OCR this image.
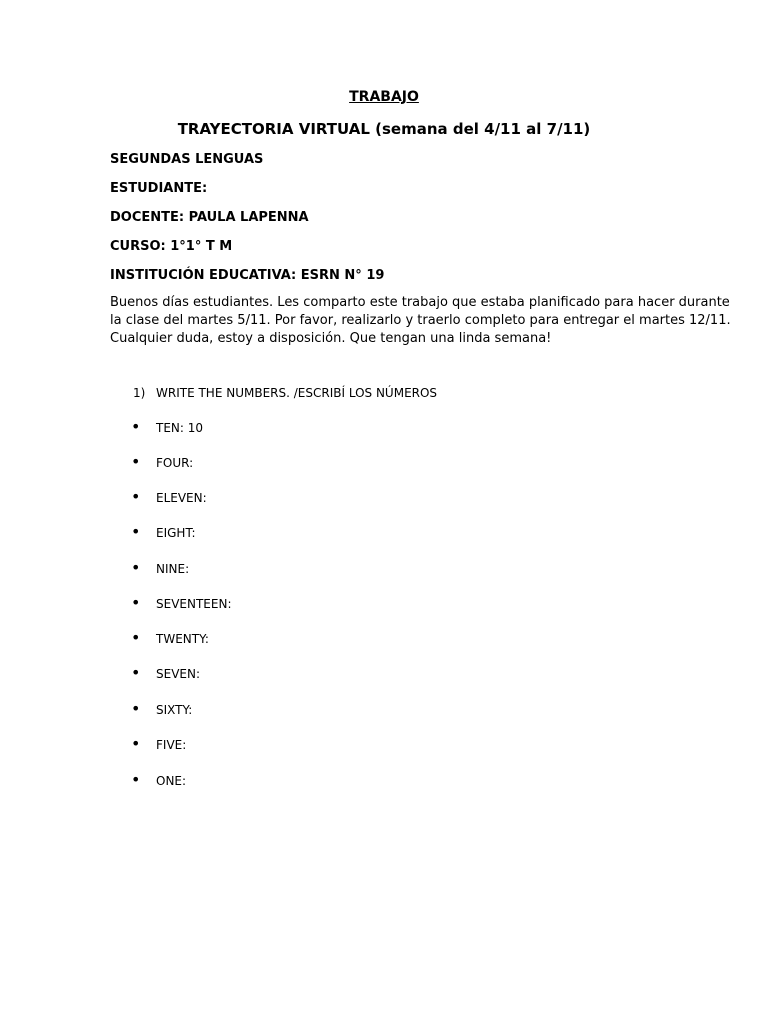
TRABAJO
TRAYECTORIA VIRTUAL (semana del 4/11 al 7/11)
SEGUNDAS LENGUAS
ESTUDIANTE:
DOCENTE: PAULA LAPENNA
CURSO: 1°1° T M
INSTITUCIÓN EDUCATIVA: ESRN N° 19
Buenos días estudiantes. Les comparto este trabajo que estaba planificado para hacer durante
la clase del martes 5/11. Por favor, realizarlo y traerlo completo para entregar el martes 12/11.
Cualquier duda, estoy a disposición. Que tengan una linda semana!
1) WRITE THE NUMBERS. /ESCRIBÍ LOS NÚMEROS
• TEN: 10
• FOUR:
• ELEVEN:
• EIGHT:
• NINE:
• SEVENTEEN:
• TWENTY:
• SEVEN:
• SIXTY:
• FIVE:
• ONE:
